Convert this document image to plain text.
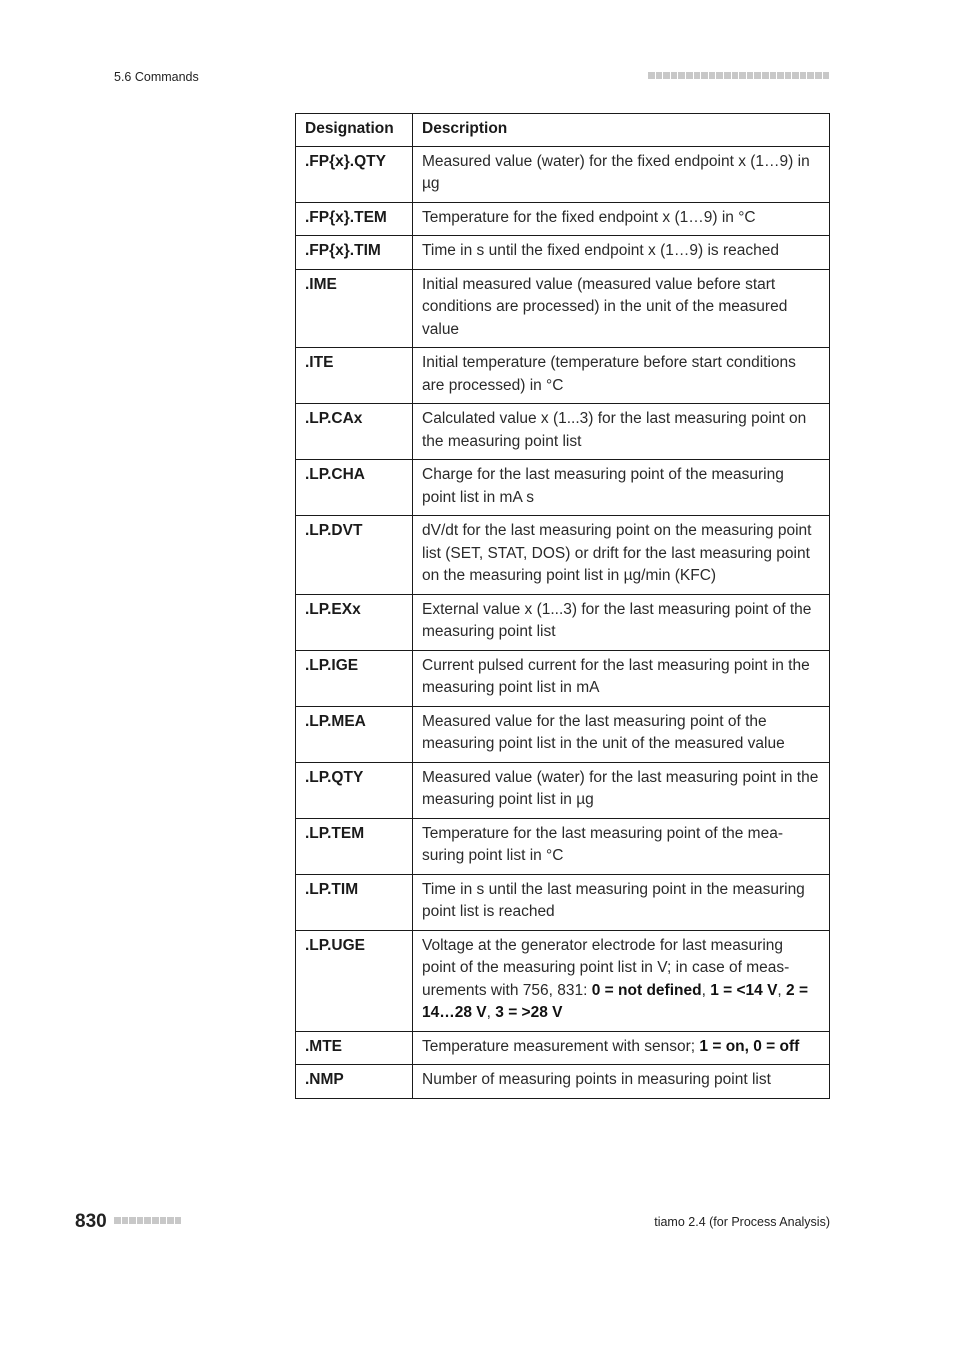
5.6 Commands
Designation	Description
.FP{x}.QTY	Measured value (water) for the fixed endpoint x (1…9) in µg
.FP{x}.TEM	Temperature for the fixed endpoint x (1…9) in °C
.FP{x}.TIM	Time in s until the fixed endpoint x (1…9) is reached
.IME	Initial measured value (measured value before start conditions are processed) in the unit of the measured value
.ITE	Initial temperature (temperature before start conditions are processed) in °C
.LP.CAx	Calculated value x (1...3) for the last measuring point on the measuring point list
.LP.CHA	Charge for the last measuring point of the measuring point list in mA s
.LP.DVT	dV/dt for the last measuring point on the measuring point list (SET, STAT, DOS) or drift for the last measuring point on the measuring point list in µg/min (KFC)
.LP.EXx	External value x (1...3) for the last measuring point of the measuring point list
.LP.IGE	Current pulsed current for the last measuring point in the measuring point list in mA
.LP.MEA	Measured value for the last measuring point of the measuring point list in the unit of the measured value
.LP.QTY	Measured value (water) for the last measuring point in the measuring point list in µg
.LP.TEM	Temperature for the last measuring point of the measuring point list in °C
.LP.TIM	Time in s until the last measuring point in the measuring point list is reached
.LP.UGE	Voltage at the generator electrode for last measuring point of the measuring point list in V; in case of measurements with 756, 831: 0 = not defined, 1 = <14 V, 2 = 14…28 V, 3 = >28 V
.MTE	Temperature measurement with sensor; 1 = on, 0 = off
.NMP	Number of measuring points in measuring point list
830	tiamo 2.4 (for Process Analysis)
